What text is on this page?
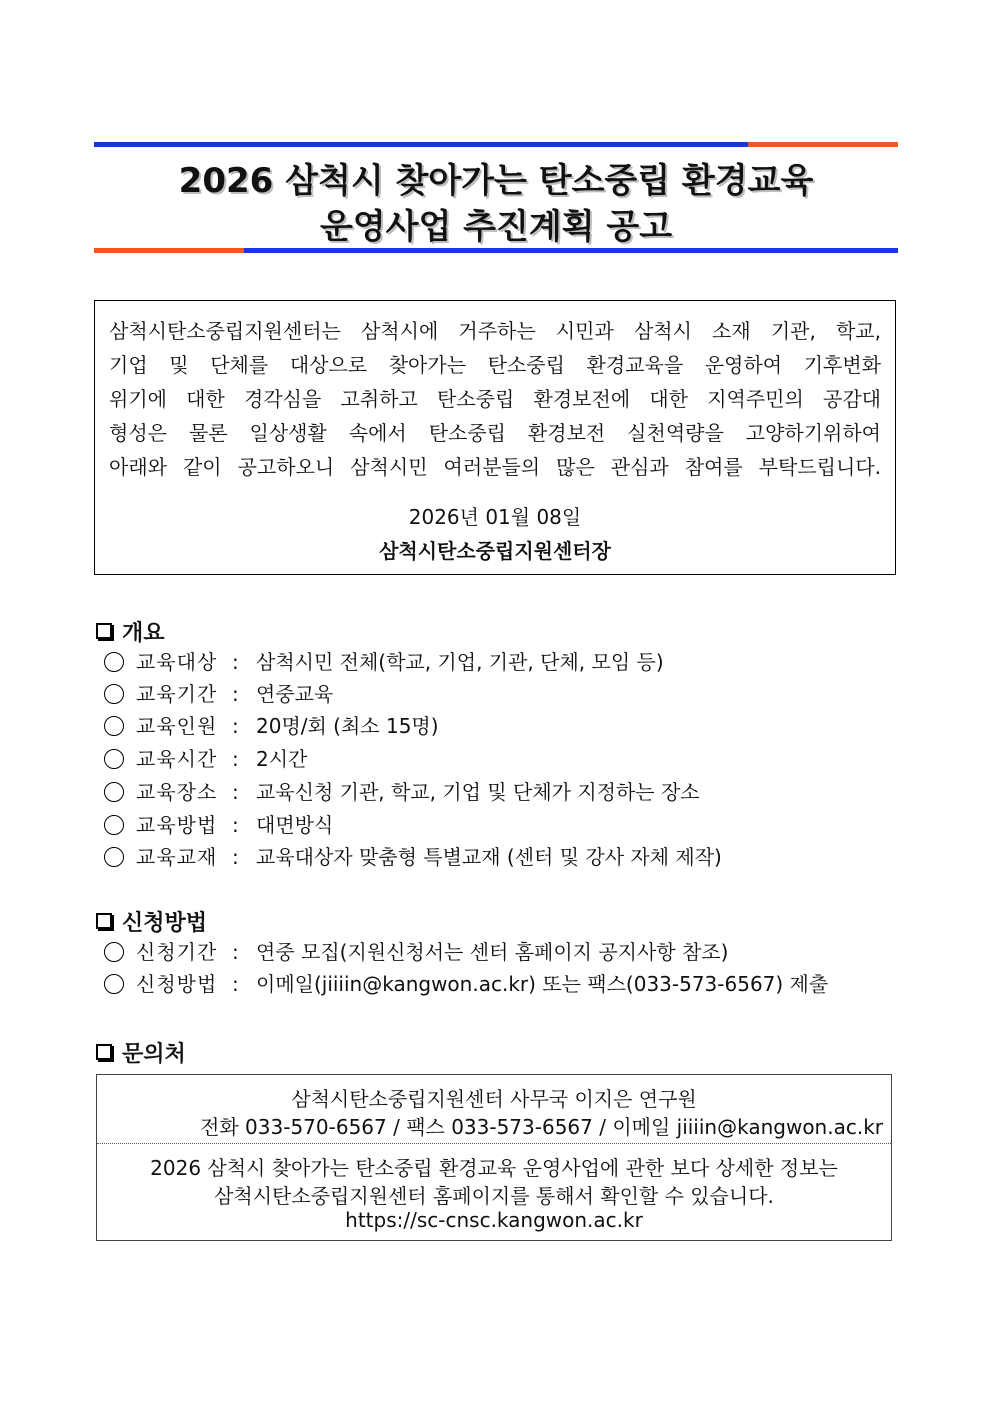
2026 삼척시 찾아가는 탄소중립 환경교육
운영사업 추진계획 공고
삼척시탄소중립지원센터는 삼척시에 거주하는 시민과 삼척시 소재 기관, 학교,
기업 및 단체를 대상으로 찾아가는 탄소중립 환경교육을 운영하여 기후변화
위기에 대한 경각심을 고취하고 탄소중립 환경보전에 대한 지역주민의 공감대
형성은 물론 일상생활 속에서 탄소중립 환경보전 실천역량을 고양하기위하여
아래와 같이 공고하오니 삼척시민 여러분들의 많은 관심과 참여를 부탁드립니다.
2026년 01월 08일
삼척시탄소중립지원센터장
개요
교육대상 : 삼척시민 전체(학교, 기업, 기관, 단체, 모임 등)
교육기간 : 연중교육
교육인원 : 20명/회 (최소 15명)
교육시간 : 2시간
교육장소 : 교육신청 기관, 학교, 기업 및 단체가 지정하는 장소
교육방법 : 대면방식
교육교재 : 교육대상자 맞춤형 특별교재 (센터 및 강사 자체 제작)
신청방법
신청기간 : 연중 모집(지원신청서는 센터 홈페이지 공지사항 참조)
신청방법 : 이메일(jiiiin@kangwon.ac.kr) 또는 팩스(033-573-6567) 제출
문의처
삼척시탄소중립지원센터 사무국 이지은 연구원
전화 033-570-6567 / 팩스 033-573-6567 / 이메일 jiiiin@kangwon.ac.kr
2026 삼척시 찾아가는 탄소중립 환경교육 운영사업에 관한 보다 상세한 정보는
삼척시탄소중립지원센터 홈페이지를 통해서 확인할 수 있습니다.
https://sc-cnsc.kangwon.ac.kr
